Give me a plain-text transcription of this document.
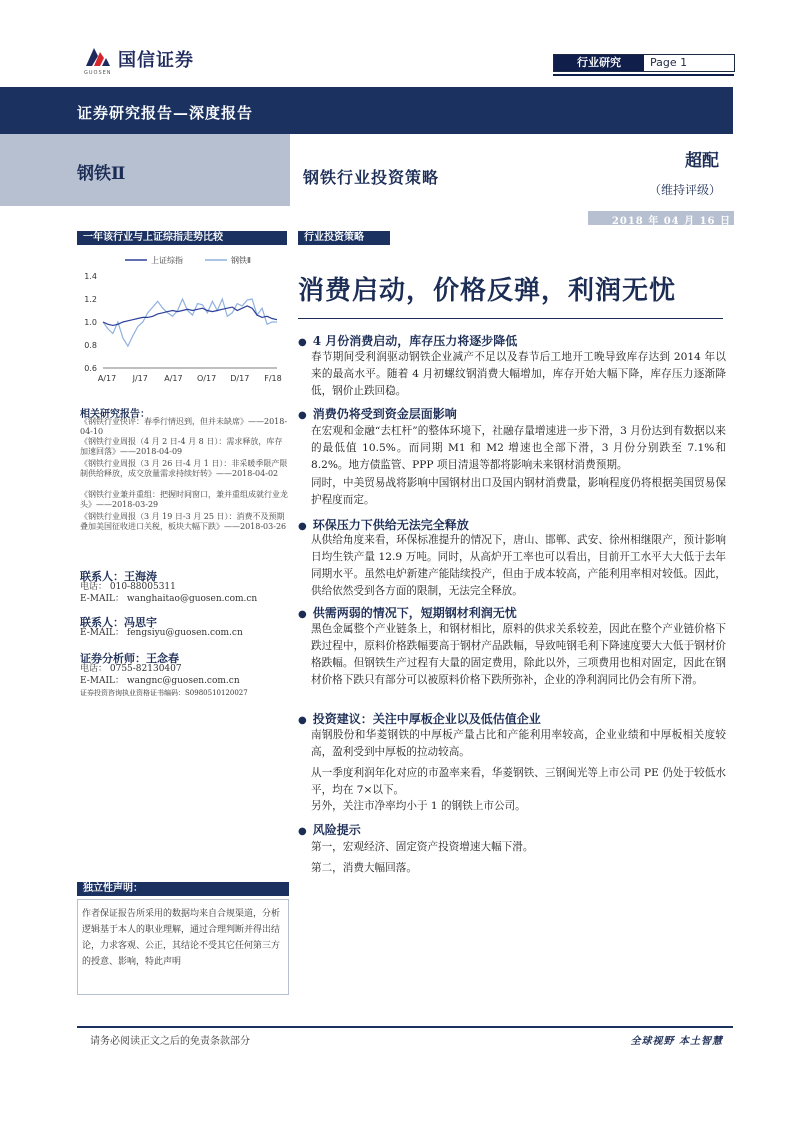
国信证券
GUOSEN
行业研究	Page 1
证券研究报告—深度报告
钢铁Ⅱ	钢铁行业投资策略
超配
（维持评级）
2018 年 04 月 16 日
一年该行业与上证综指走势比较
上证综指	钢铁Ⅱ
1.4
1.2
1.0
0.8
0.6
A/17 J/17 A/17 O/17 D/17 F/18
相关研究报告：
《钢铁行业快评：春季行情迟到，但并未缺席》——2018-04-10
《钢铁行业周报（4 月 2 日-4 月 8 日）：需求释放，库存加速回落》——2018-04-09
《钢铁行业周报（3 月 26 日-4 月 1 日）：非采暖季限产限制供给释放，成交放量需求持续好转》——2018-04-02
《钢铁行业兼并重组：把握时间窗口，兼并重组成就行业龙头》——2018-03-29
《钢铁行业周报（3 月 19 日-3 月 25 日）：消费不及预期叠加美国征收进口关税，板块大幅下跌》——2018-03-26
联系人：王海涛
电话： 010-88005311
E-MAIL： wanghaitao@guosen.com.cn
联系人：冯思宇
E-MAIL： fengsiyu@guosen.com.cn
证券分析师：王念春
电话： 0755-82130407
E-MAIL： wangnc@guosen.com.cn
证券投资咨询执业资格证书编码：S0980510120027
独立性声明：
作者保证报告所采用的数据均来自合规渠道，分析逻辑基于本人的职业理解，通过合理判断并得出结论，力求客观、公正，其结论不受其它任何第三方的授意、影响，特此声明
行业投资策略
消费启动，价格反弹，利润无忧
● 4 月份消费启动，库存压力将逐步降低
春节期间受利润驱动钢铁企业减产不足以及春节后工地开工晚导致库存达到 2014 年以来的最高水平。随着 4 月初螺纹钢消费大幅增加，库存开始大幅下降，库存压力逐渐降低，钢价止跌回稳。
● 消费仍将受到资金层面影响
在宏观和金融“去杠杆”的整体环境下，社融存量增速进一步下滑，3 月份达到有数据以来的最低值 10.5%。而同期 M1 和 M2 增速也全部下滑，3 月份分别跌至 7.1%和 8.2%。地方债监管、PPP 项目清退等都将影响未来钢材消费预期。
同时，中美贸易战将影响中国钢材出口及国内钢材消费量，影响程度仍将根据美国贸易保护程度而定。
● 环保压力下供给无法完全释放
从供给角度来看，环保标准提升的情况下，唐山、邯郸、武安、徐州相继限产，预计影响日均生铁产量 12.9 万吨。同时，从高炉开工率也可以看出，目前开工水平大大低于去年同期水平。虽然电炉新建产能陆续投产，但由于成本较高，产能利用率相对较低。因此，供给依然受到各方面的限制，无法完全释放。
● 供需两弱的情况下，短期钢材利润无忧
黑色金属整个产业链条上，和钢材相比，原料的供求关系较差，因此在整个产业链价格下跌过程中，原料价格跌幅要高于钢材产品跌幅，导致吨钢毛利下降速度要大大低于钢材价格跌幅。但钢铁生产过程有大量的固定费用，除此以外，三项费用也相对固定，因此在钢材价格下跌只有部分可以被原料价格下跌所弥补，企业的净利润同比仍会有所下滑。
● 投资建议：关注中厚板企业以及低估值企业
南钢股份和华菱钢铁的中厚板产量占比和产能利用率较高，企业业绩和中厚板相关度较高，盈利受到中厚板的拉动较高。
从一季度利润年化对应的市盈率来看，华菱钢铁、三钢闽光等上市公司 PE 仍处于较低水平，均在 7×以下。
另外，关注市净率均小于 1 的钢铁上市公司。
● 风险提示
第一，宏观经济、固定资产投资增速大幅下滑。
第二，消费大幅回落。
请务必阅读正文之后的免责条款部分	全球视野 本土智慧
